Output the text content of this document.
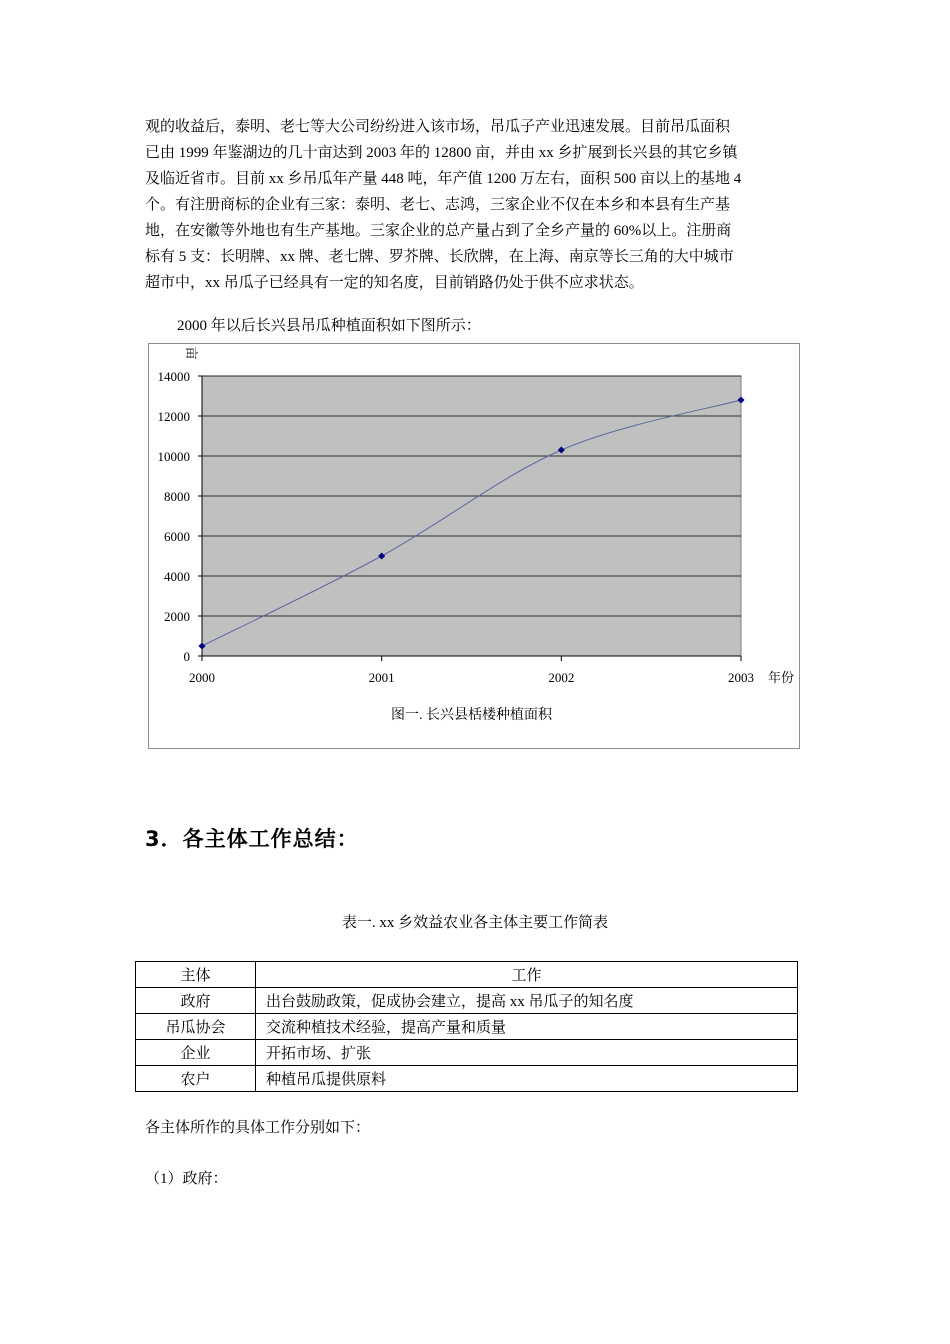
观的收益后，泰明、老七等大公司纷纷进入该市场，吊瓜子产业迅速发展。目前吊瓜面积
已由 1999 年鉴湖边的几十亩达到 2003 年的 12800 亩，并由 xx 乡扩展到长兴县的其它乡镇
及临近省市。目前 xx 乡吊瓜年产量 448 吨，年产值 1200 万左右，面积 500 亩以上的基地 4
个。有注册商标的企业有三家：泰明、老七、志鸿，三家企业不仅在本乡和本县有生产基
地，在安徽等外地也有生产基地。三家企业的总产量占到了全乡产量的 60%以上。注册商
标有 5 支：长明牌、xx 牌、老七牌、罗芥牌、长欣牌，在上海、南京等长三角的大中城市
超市中，xx 吊瓜子已经具有一定的知名度，目前销路仍处于供不应求状态。
2000 年以后长兴县吊瓜种植面积如下图所示：
0
2000
4000
6000
8000
10000
12000
14000
2000	2001	2002	2003
亩
年份
图一. 长兴县栝楼种植面积
3．各主体工作总结：
表一. xx 乡效益农业各主体主要工作简表
主体	工作
政府	出台鼓励政策，促成协会建立，提高 xx 吊瓜子的知名度
吊瓜协会	交流种植技术经验，提高产量和质量
企业	开拓市场、扩张
农户	种植吊瓜提供原料
各主体所作的具体工作分别如下：
（1）政府：
